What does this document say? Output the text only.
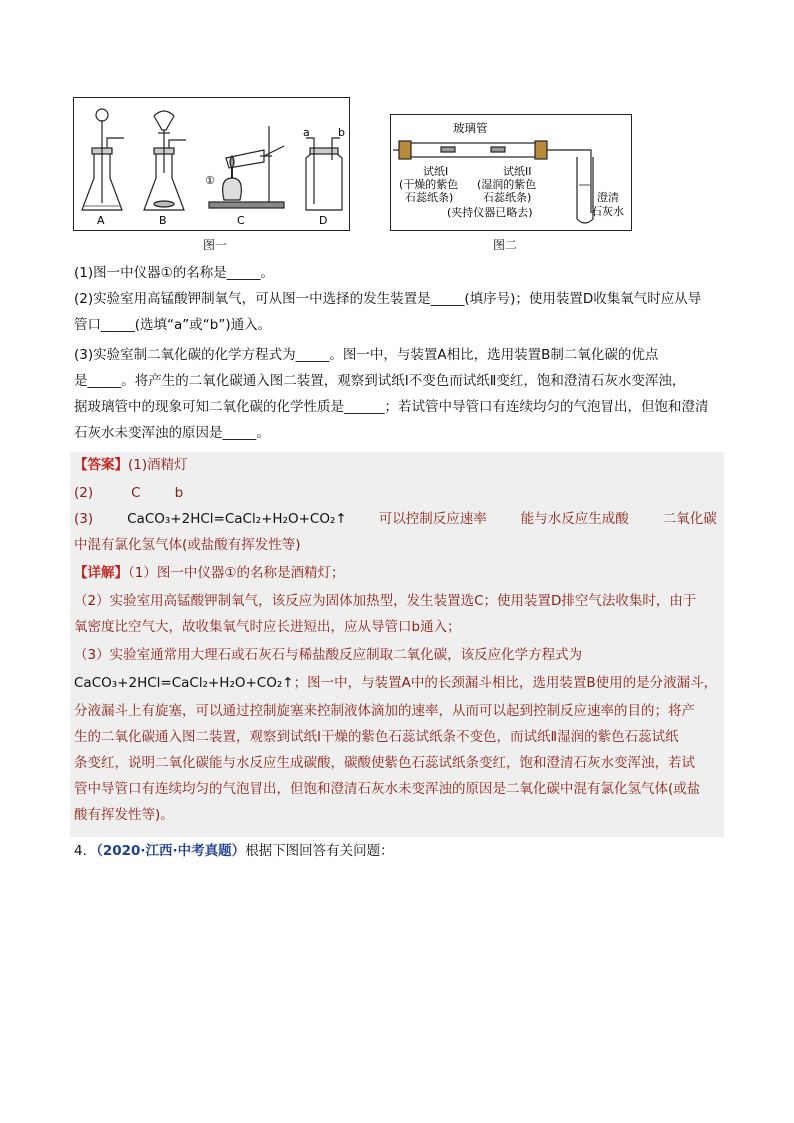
A	B
①
C
a	b
D
图一
玻璃管
试纸I
(干燥的紫色
石蕊纸条)
试纸II
(湿润的紫色
石蕊纸条)
(夹持仪器已略去)
澄清
石灰水
图二
(1)图一中仪器①的名称是_____。
(2)实验室用高锰酸钾制氧气，可从图一中选择的发生装置是_____(填序号)；使用装置D收集氧气时应从导
管口_____(选填“a”或“b”)通入。
(3)实验室制二氧化碳的化学方程式为_____。图一中，与装置A相比，选用装置B制二氧化碳的优点
是_____。将产生的二氧化碳通入图二装置，观察到试纸Ⅰ不变色而试纸Ⅱ变红，饱和澄清石灰水变浑浊，
据玻璃管中的现象可知二氧化碳的化学性质是______；若试管中导管口有连续均匀的气泡冒出，但饱和澄清
石灰水未变浑浊的原因是_____。
【答案】(1)酒精灯
(2)	C	b
(3)	CaCO₃+2HCl=CaCl₂+H₂O+CO₂↑ 可以控制反应速率	能与水反应生成酸	二氧化碳
中混有氯化氢气体(或盐酸有挥发性等)
【详解】（1）图一中仪器①的名称是酒精灯；
（2）实验室用高锰酸钾制氧气，该反应为固体加热型，发生装置选C；使用装置D排空气法收集时，由于
氧密度比空气大，故收集氧气时应长进短出，应从导管口b通入；
（3）实验室通常用大理石或石灰石与稀盐酸反应制取二氧化碳，该反应化学方程式为
CaCO₃+2HCl=CaCl₂+H₂O+CO₂↑；图一中，与装置A中的长颈漏斗相比，选用装置B使用的是分液漏斗，
分液漏斗上有旋塞，可以通过控制旋塞来控制液体滴加的速率，从而可以起到控制反应速率的目的；将产
生的二氧化碳通入图二装置，观察到试纸Ⅰ干燥的紫色石蕊试纸条不变色，而试纸Ⅱ湿润的紫色石蕊试纸
条变红，说明二氧化碳能与水反应生成碳酸，碳酸使紫色石蕊试纸条变红，饱和澄清石灰水变浑浊，若试
管中导管口有连续均匀的气泡冒出，但饱和澄清石灰水未变浑浊的原因是二氧化碳中混有氯化氢气体(或盐
酸有挥发性等)。
4．（2020·江西·中考真题）根据下图回答有关问题：
